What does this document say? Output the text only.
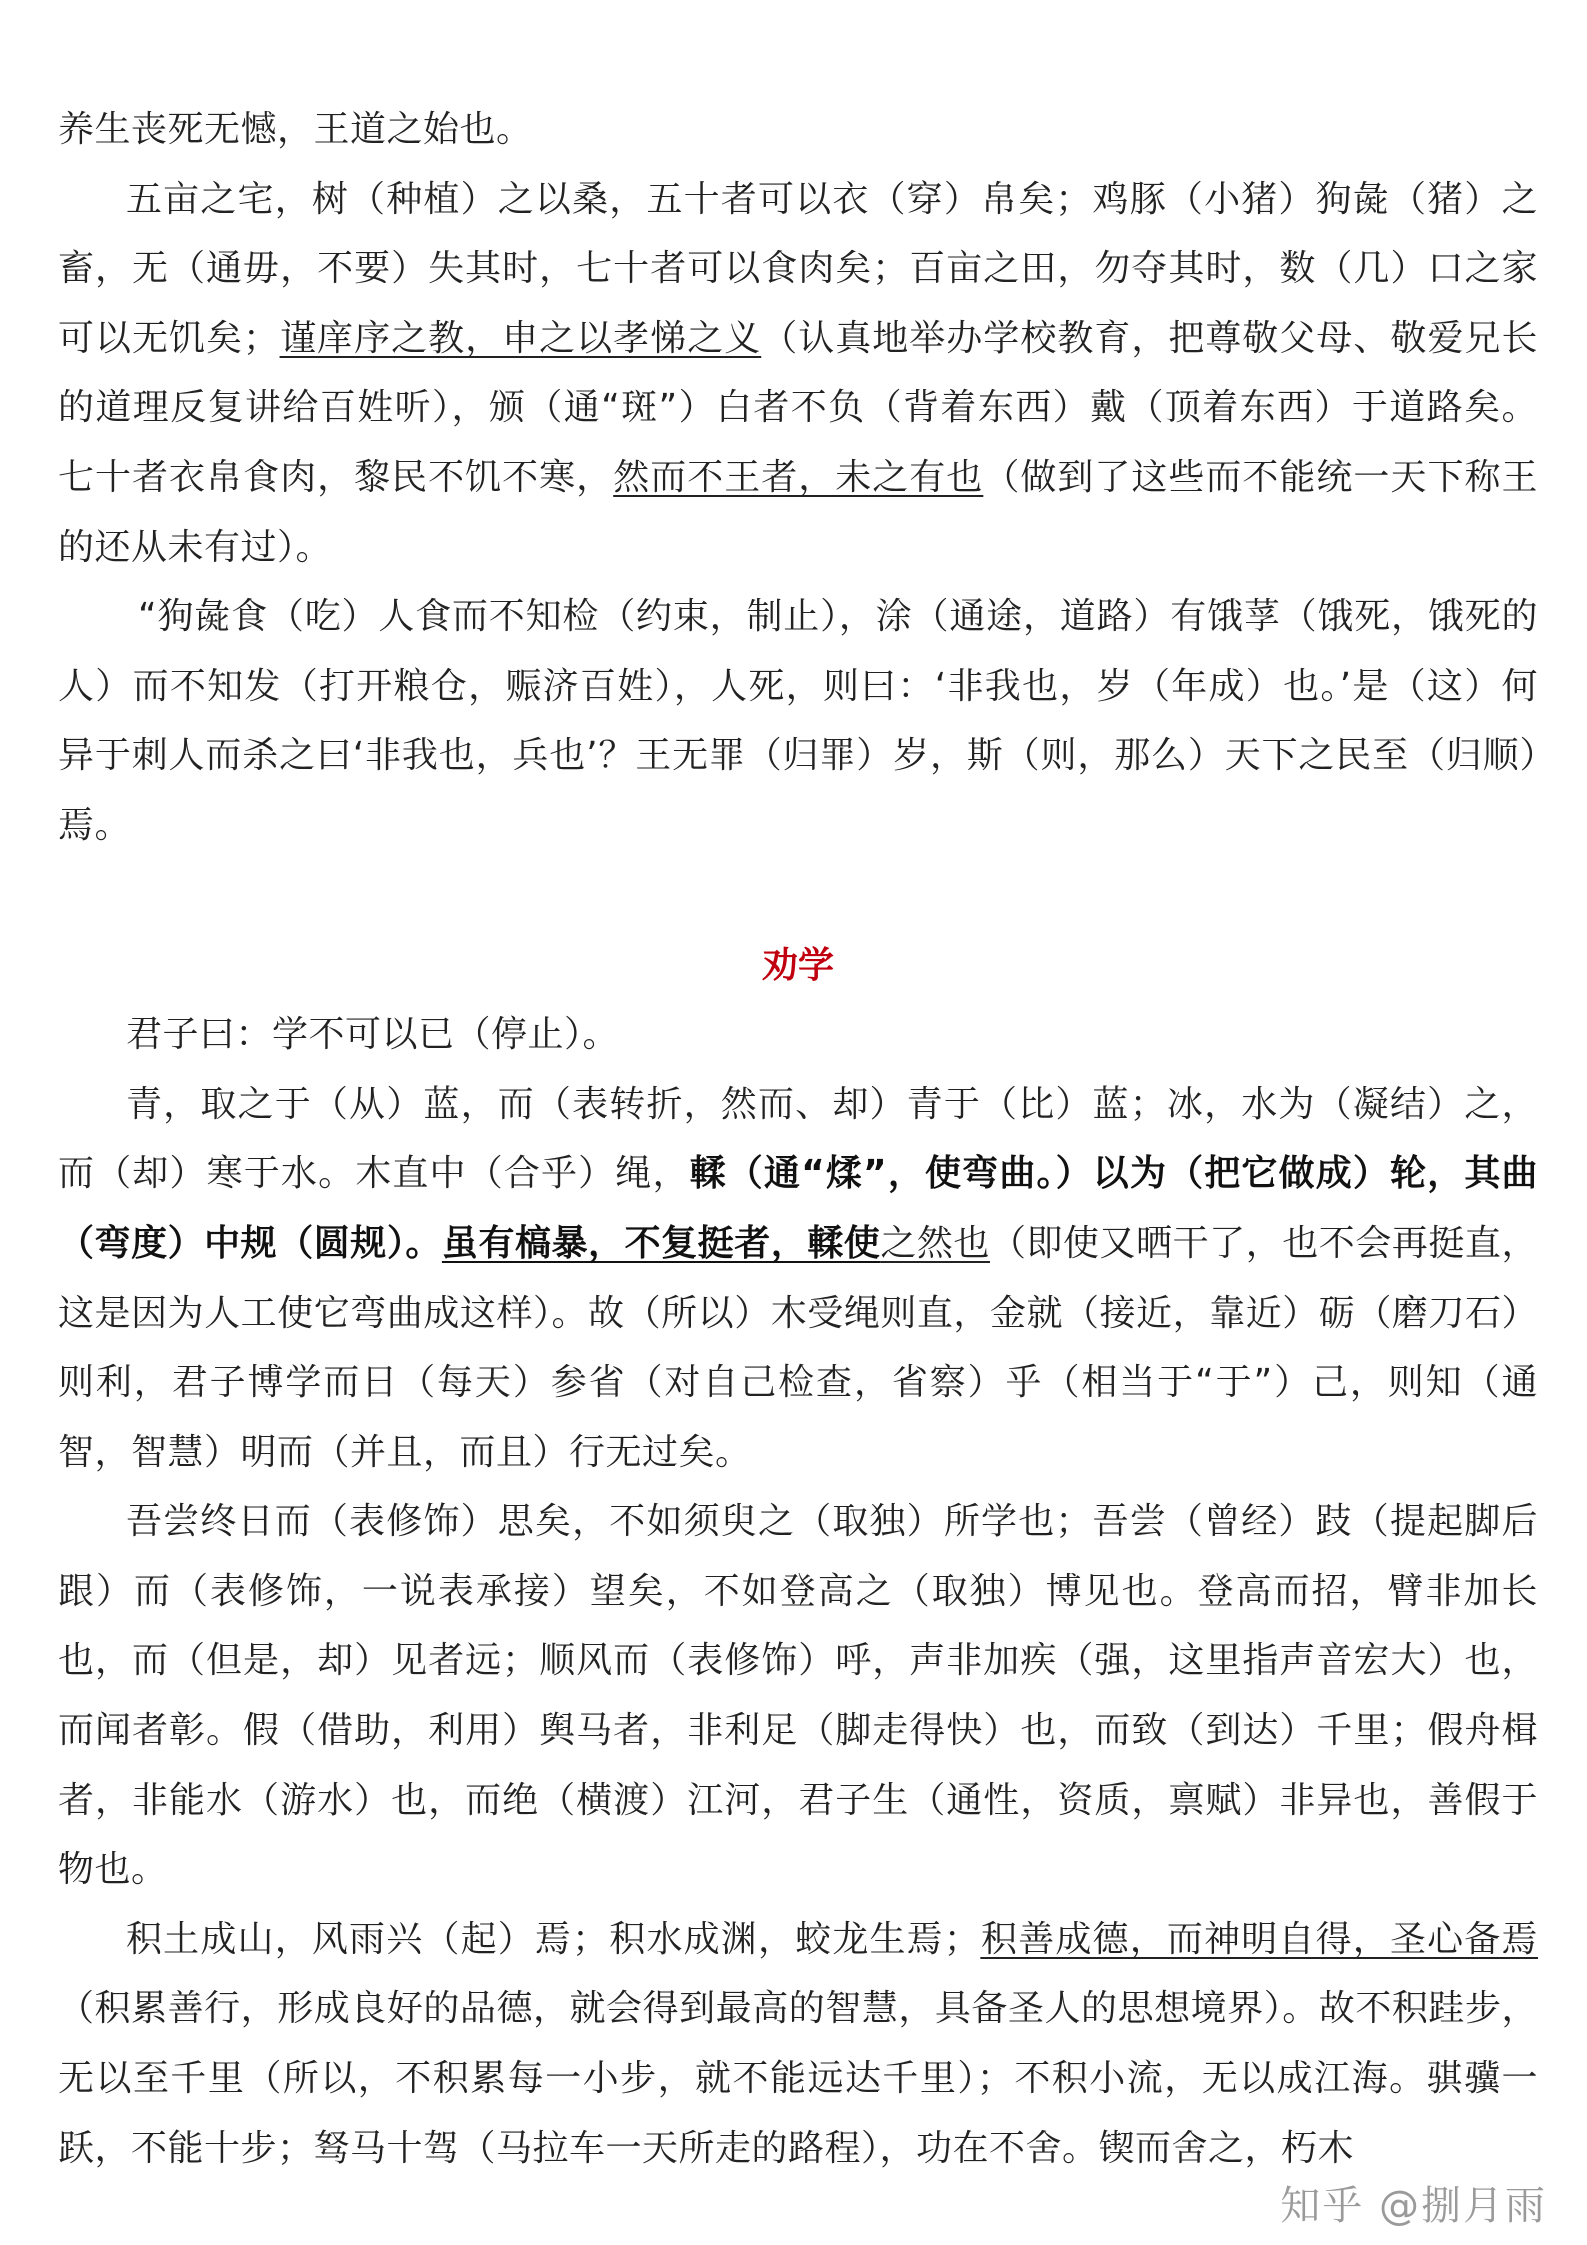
养生丧死无憾，王道之始也。

五亩之宅，树（种植）之以桑，五十者可以衣（穿）帛矣；鸡豚（小猪）狗彘（猪）之畜，无（通毋，不要）失其时，七十者可以食肉矣；百亩之田，勿夺其时，数（几）口之家可以无饥矣；谨庠序之教，申之以孝悌之义（认真地举办学校教育，把尊敬父母、敬爱兄长的道理反复讲给百姓听），颁（通“斑”）白者不负（背着东西）戴（顶着东西）于道路矣。七十者衣帛食肉，黎民不饥不寒，然而不王者，未之有也（做到了这些而不能统一天下称王的还从未有过）。

“狗彘食（吃）人食而不知检（约束，制止），涂（通途，道路）有饿莩（饿死，饿死的人）而不知发（打开粮仓，赈济百姓），人死，则曰：‘非我也，岁（年成）也。’是（这）何异于刺人而杀之曰‘非我也，兵也’？王无罪（归罪）岁，斯（则，那么）天下之民至（归顺）焉。

劝学

君子曰：学不可以已（停止）。

青，取之于（从）蓝，而（表转折，然而、却）青于（比）蓝；冰，水为（凝结）之，而（却）寒于水。木直中（合乎）绳，輮（通“煣”，使弯曲。）以为（把它做成）轮，其曲（弯度）中规（圆规）。虽有槁暴，不复挺者，輮使之然也（即使又晒干了，也不会再挺直，这是因为人工使它弯曲成这样）。故（所以）木受绳则直，金就（接近，靠近）砺（磨刀石）则利，君子博学而日（每天）参省（对自己检查，省察）乎（相当于“于”）己，则知（通智，智慧）明而（并且，而且）行无过矣。

吾尝终日而（表修饰）思矣，不如须臾之（取独）所学也；吾尝（曾经）跂（提起脚后跟）而（表修饰，一说表承接）望矣，不如登高之（取独）博见也。登高而招，臂非加长也，而（但是，却）见者远；顺风而（表修饰）呼，声非加疾（强，这里指声音宏大）也，而闻者彰。假（借助，利用）舆马者，非利足（脚走得快）也，而致（到达）千里；假舟楫者，非能水（游水）也，而绝（横渡）江河，君子生（通性，资质，禀赋）非异也，善假于物也。

积土成山，风雨兴（起）焉；积水成渊，蛟龙生焉；积善成德，而神明自得，圣心备焉（积累善行，形成良好的品德，就会得到最高的智慧，具备圣人的思想境界）。故不积跬步，无以至千里（所以，不积累每一小步，就不能远达千里）；不积小流，无以成江海。骐骥一跃，不能十步；驽马十驾（马拉车一天所走的路程），功在不舍。锲而舍之，朽木

知乎 @捌月雨
